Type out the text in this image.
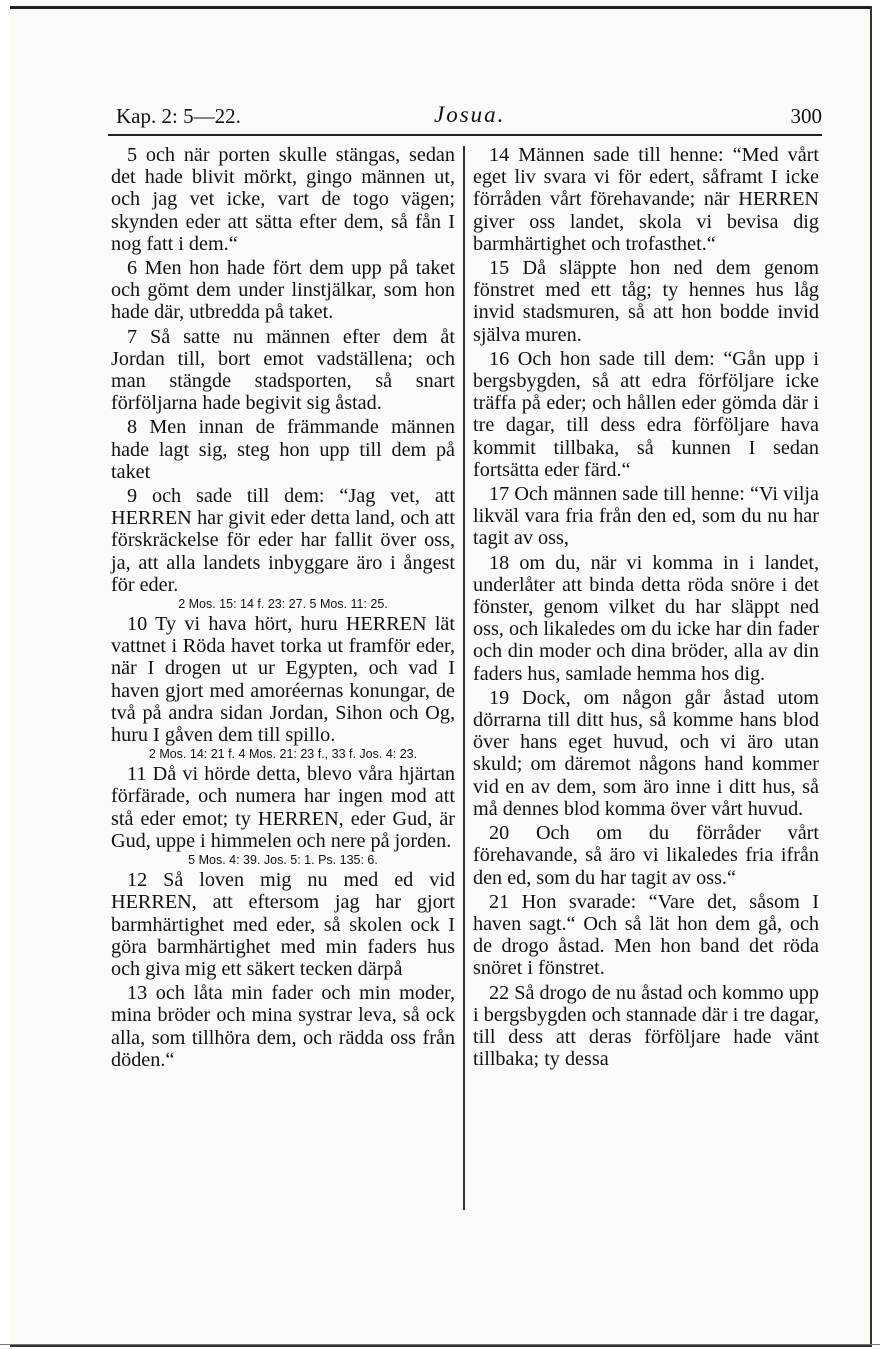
Kap. 2: 5—22.	Josua.	300

5 och när porten skulle stängas, sedan det hade blivit mörkt, gingo männen ut, och jag vet icke, vart de togo vägen; skynden eder att sätta efter dem, så fån I nog fatt i dem.“

6 Men hon hade fört dem upp på taket och gömt dem under linstjälkar, som hon hade där, utbredda på taket.

7 Så satte nu männen efter dem åt Jordan till, bort emot vadställena; och man stängde stadsporten, så snart förföljarna hade begivit sig åstad.

8 Men innan de främmande männen hade lagt sig, steg hon upp till dem på taket

9 och sade till dem: “Jag vet, att HERREN har givit eder detta land, och att förskräckelse för eder har fallit över oss, ja, att alla landets inbyggare äro i ångest för eder.

2 Mos. 15: 14 f. 23: 27. 5 Mos. 11: 25.

10 Ty vi hava hört, huru HERREN lät vattnet i Röda havet torka ut framför eder, när I drogen ut ur Egypten, och vad I haven gjort med amoréernas konungar, de två på andra sidan Jordan, Sihon och Og, huru I gåven dem till spillo.

2 Mos. 14: 21 f. 4 Mos. 21: 23 f., 33 f. Jos. 4: 23.

11 Då vi hörde detta, blevo våra hjärtan förfärade, och numera har ingen mod att stå eder emot; ty HERREN, eder Gud, är Gud, uppe i himmelen och nere på jorden.

5 Mos. 4: 39. Jos. 5: 1. Ps. 135: 6.

12 Så loven mig nu med ed vid HERREN, att eftersom jag har gjort barmhärtighet med eder, så skolen ock I göra barmhärtighet med min faders hus och giva mig ett säkert tecken därpå

13 och låta min fader och min moder, mina bröder och mina systrar leva, så ock alla, som tillhöra dem, och rädda oss från döden.“

14 Männen sade till henne: “Med vårt eget liv svara vi för edert, såframt I icke förråden vårt förehavande; när HERREN giver oss landet, skola vi bevisa dig barmhärtighet och trofasthet.“

15 Då släppte hon ned dem genom fönstret med ett tåg; ty hennes hus låg invid stadsmuren, så att hon bodde invid själva muren.

16 Och hon sade till dem: “Gån upp i bergsbygden, så att edra förföljare icke träffa på eder; och hållen eder gömda där i tre dagar, till dess edra förföljare hava kommit tillbaka, så kunnen I sedan fortsätta eder färd.“

17 Och männen sade till henne: “Vi vilja likväl vara fria från den ed, som du nu har tagit av oss,

18 om du, när vi komma in i landet, underlåter att binda detta röda snöre i det fönster, genom vilket du har släppt ned oss, och likaledes om du icke har din fader och din moder och dina bröder, alla av din faders hus, samlade hemma hos dig.

19 Dock, om någon går åstad utom dörrarna till ditt hus, så komme hans blod över hans eget huvud, och vi äro utan skuld; om däremot någons hand kommer vid en av dem, som äro inne i ditt hus, så må dennes blod komma över vårt huvud.

20 Och om du förråder vårt förehavande, så äro vi likaledes fria ifrån den ed, som du har tagit av oss.“

21 Hon svarade: “Vare det, såsom I haven sagt.“ Och så lät hon dem gå, och de drogo åstad. Men hon band det röda snöret i fönstret.

22 Så drogo de nu åstad och kommo upp i bergsbygden och stannade där i tre dagar, till dess att deras förföljare hade vänt tillbaka; ty dessa
